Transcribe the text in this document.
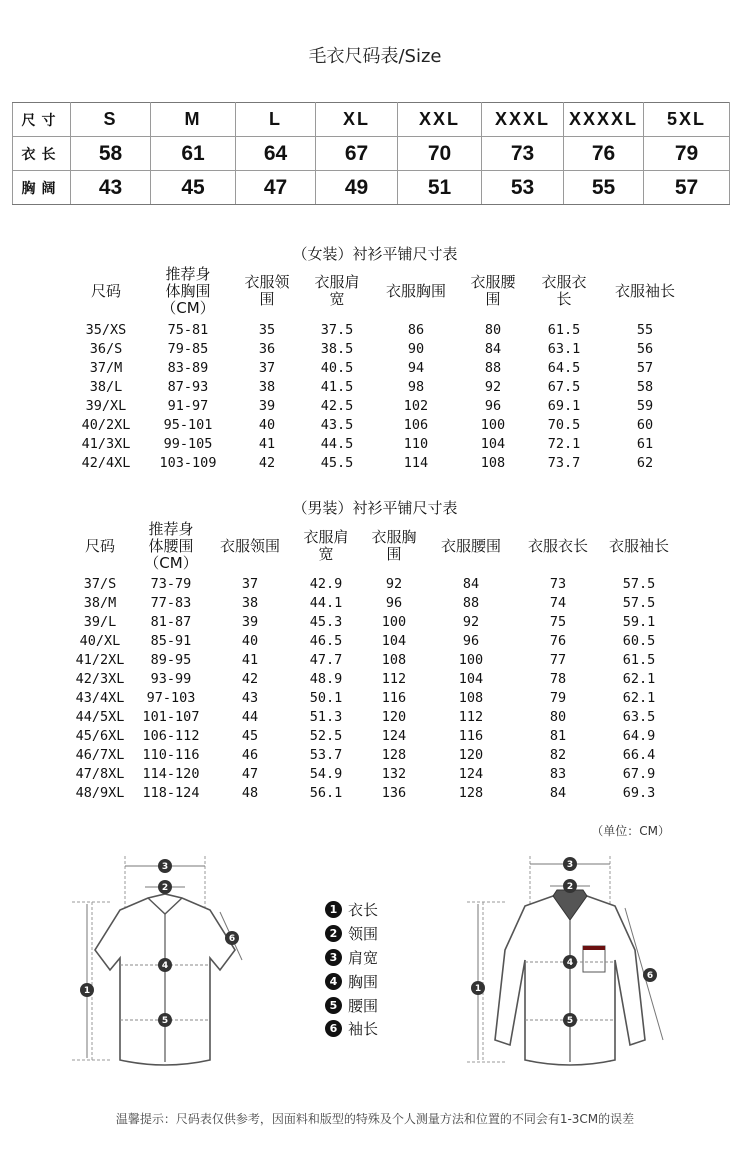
毛衣尺码表/Size
尺寸	S	M	L	XL	XXL	XXXL	XXXXL	5XL
衣长	58	61	64	67	70	73	76	79
胸阔	43	45	47	49	51	53	55	57
（女装）衬衫平铺尺寸表
尺码	推荐身
体胸围
（CM）	衣服领
围	衣服肩
宽	衣服胸围	衣服腰
围	衣服衣
长	衣服袖长
35/XS	75-81	35	37.5	86	80	61.5	55
36/S	79-85	36	38.5	90	84	63.1	56
37/M	83-89	37	40.5	94	88	64.5	57
38/L	87-93	38	41.5	98	92	67.5	58
39/XL	91-97	39	42.5	102	96	69.1	59
40/2XL	95-101	40	43.5	106	100	70.5	60
41/3XL	99-105	41	44.5	110	104	72.1	61
42/4XL	103-109	42	45.5	114	108	73.7	62
（男装）衬衫平铺尺寸表
尺码	推荐身
体腰围
（CM）	衣服领围	衣服肩
宽	衣服胸
围	衣服腰围	衣服衣长	衣服袖长
37/S	73-79	37	42.9	92	84	73	57.5
38/M	77-83	38	44.1	96	88	74	57.5
39/L	81-87	39	45.3	100	92	75	59.1
40/XL	85-91	40	46.5	104	96	76	60.5
41/2XL	89-95	41	47.7	108	100	77	61.5
42/3XL	93-99	42	48.9	112	104	78	62.1
43/4XL	97-103	43	50.1	116	108	79	62.1
44/5XL	101-107	44	51.3	120	112	80	63.5
45/6XL	106-112	45	52.5	124	116	81	64.9
46/7XL	110-116	46	53.7	128	120	82	66.4
47/8XL	114-120	47	54.9	132	124	83	67.9
48/9XL	118-124	48	56.1	136	128	84	69.3
（单位：CM）
3
2
4
5
1
6
3
2
4
5
1
6
1 衣长
2 领围
3 肩宽
4 胸围
5 腰围
6 袖长
温馨提示：尺码表仅供参考，因面料和版型的特殊及个人测量方法和位置的不同会有1-3CM的误差
